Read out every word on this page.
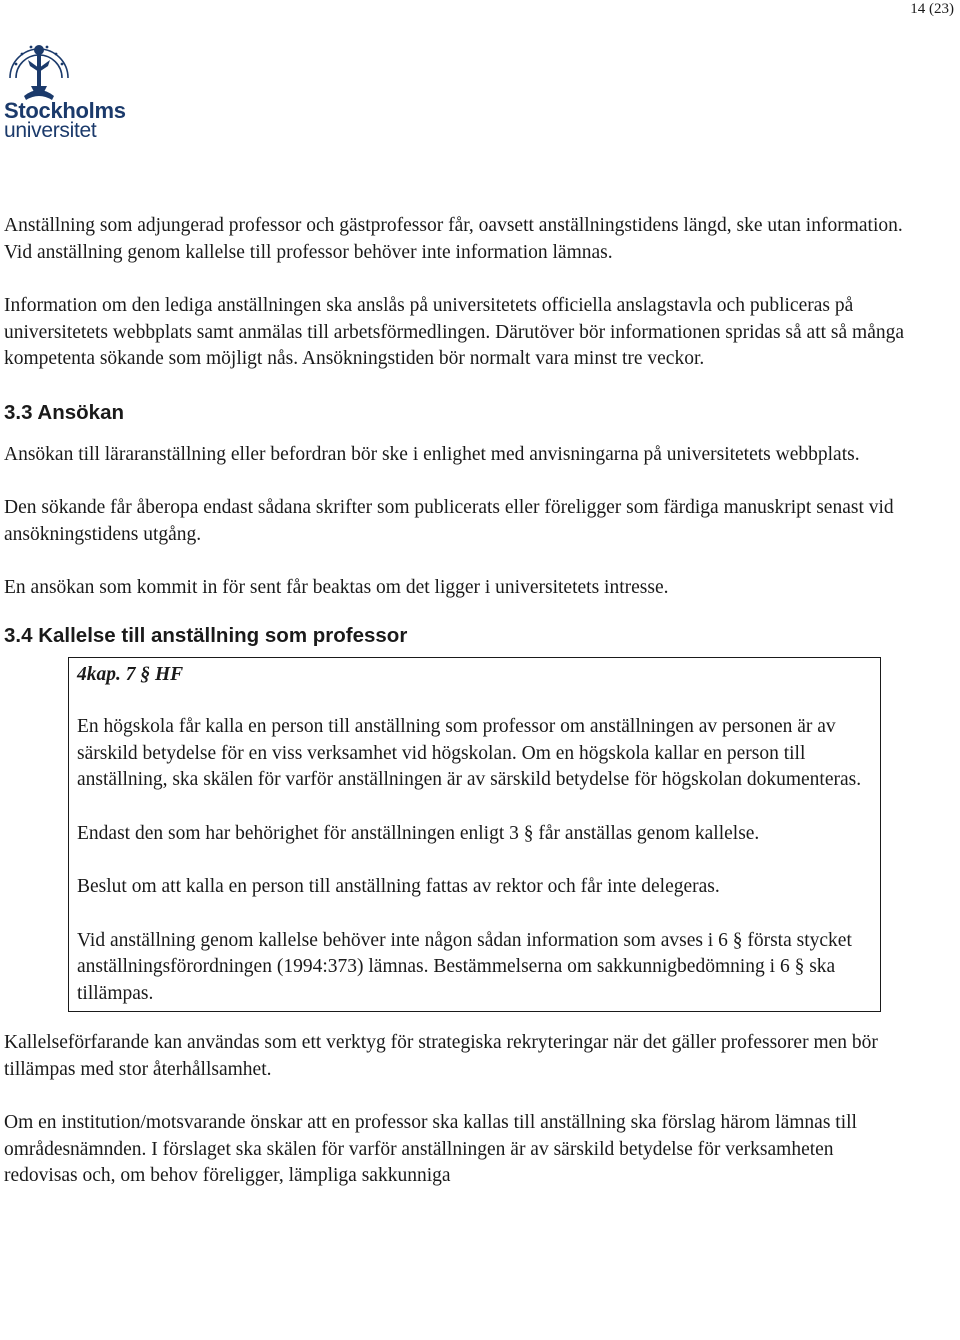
14 (23)
Stockholms
universitet

Anställning som adjungerad professor och gästprofessor får, oavsett anställningstidens längd, ske utan information. Vid anställning genom kallelse till professor behöver inte information lämnas.

Information om den lediga anställningen ska anslås på universitetets officiella anslagstavla och publiceras på universitetets webbplats samt anmälas till arbetsförmedlingen. Därutöver bör informationen spridas så att så många kompetenta sökande som möjligt nås. Ansökningstiden bör normalt vara minst tre veckor.

3.3 Ansökan

Ansökan till läraranställning eller befordran bör ske i enlighet med anvisningarna på universitetets webbplats.

Den sökande får åberopa endast sådana skrifter som publicerats eller föreligger som färdiga manuskript senast vid ansökningstidens utgång.

En ansökan som kommit in för sent får beaktas om det ligger i universitetets intresse.

3.4 Kallelse till anställning som professor

4kap. 7 § HF

En högskola får kalla en person till anställning som professor om anställningen av personen är av särskild betydelse för en viss verksamhet vid högskolan. Om en högskola kallar en person till anställning, ska skälen för varför anställningen är av särskild betydelse för högskolan dokumenteras.

Endast den som har behörighet för anställningen enligt 3 § får anställas genom kallelse.

Beslut om att kalla en person till anställning fattas av rektor och får inte delegeras.

Vid anställning genom kallelse behöver inte någon sådan information som avses i 6 § första stycket anställningsförordningen (1994:373) lämnas. Bestämmelserna om sakkunnigbedömning i 6 § ska tillämpas.

Kallelseförfarande kan användas som ett verktyg för strategiska rekryteringar när det gäller professorer men bör tillämpas med stor återhållsamhet.

Om en institution/motsvarande önskar att en professor ska kallas till anställning ska förslag härom lämnas till områdesnämnden. I förslaget ska skälen för varför anställningen är av särskild betydelse för verksamheten redovisas och, om behov föreligger, lämpliga sakkunniga
